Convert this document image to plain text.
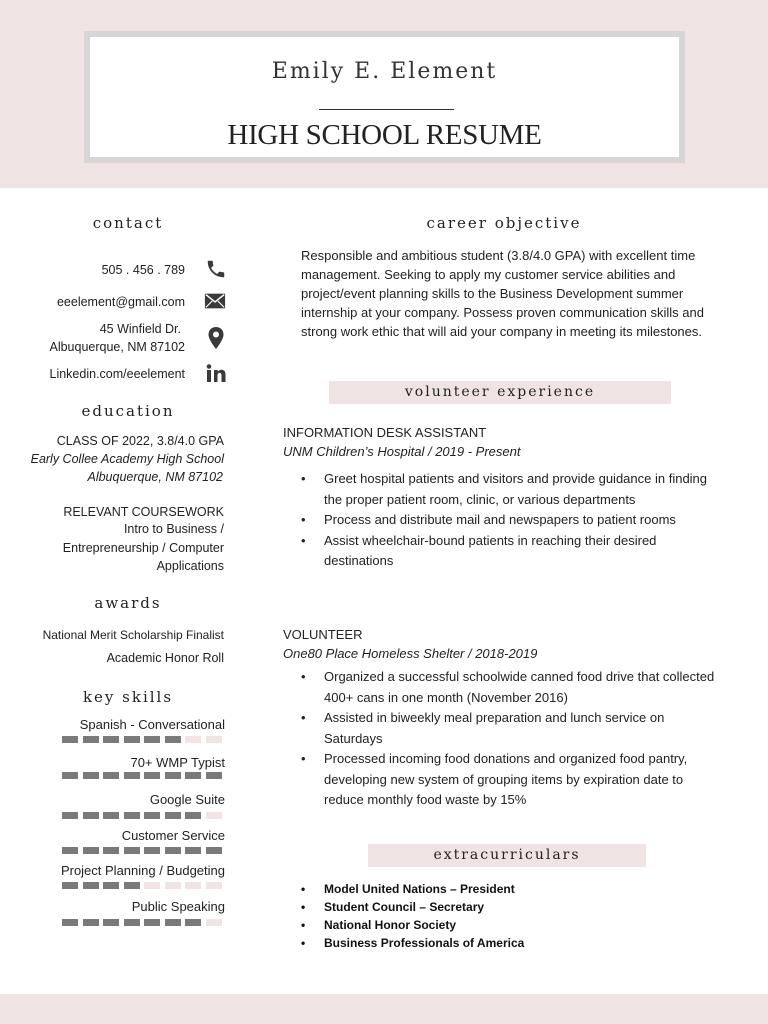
Emily E. Element
HIGH SCHOOL RESUME
contact
505 . 456 . 789
eeelement@gmail.com
45 Winfield Dr.
Albuquerque, NM 87102
Linkedin.com/eeelement
education
CLASS OF 2022, 3.8/4.0 GPA
Early Collee Academy High School
Albuquerque, NM 87102
RELEVANT COURSEWORK
Intro to Business /
Entrepreneurship / Computer
Applications
awards
National Merit Scholarship Finalist
Academic Honor Roll
key skills
Spanish - Conversational
70+ WMP Typist
Google Suite
Customer Service
Project Planning / Budgeting
Public Speaking
career objective
Responsible and ambitious student (3.8/4.0 GPA) with excellent time management. Seeking to apply my customer service abilities and project/event planning skills to the Business Development summer internship at your company. Possess proven communication skills and strong work ethic that will aid your company in meeting its milestones.
volunteer experience
INFORMATION DESK ASSISTANT
UNM Children’s Hospital / 2019 - Present
• Greet hospital patients and visitors and provide guidance in finding the proper patient room, clinic, or various departments
• Process and distribute mail and newspapers to patient rooms
• Assist wheelchair-bound patients in reaching their desired destinations
VOLUNTEER
One80 Place Homeless Shelter / 2018-2019
• Organized a successful schoolwide canned food drive that collected 400+ cans in one month (November 2016)
• Assisted in biweekly meal preparation and lunch service on Saturdays
• Processed incoming food donations and organized food pantry, developing new system of grouping items by expiration date to reduce monthly food waste by 15%
extracurriculars
• Model United Nations – President
• Student Council – Secretary
• National Honor Society
• Business Professionals of America
